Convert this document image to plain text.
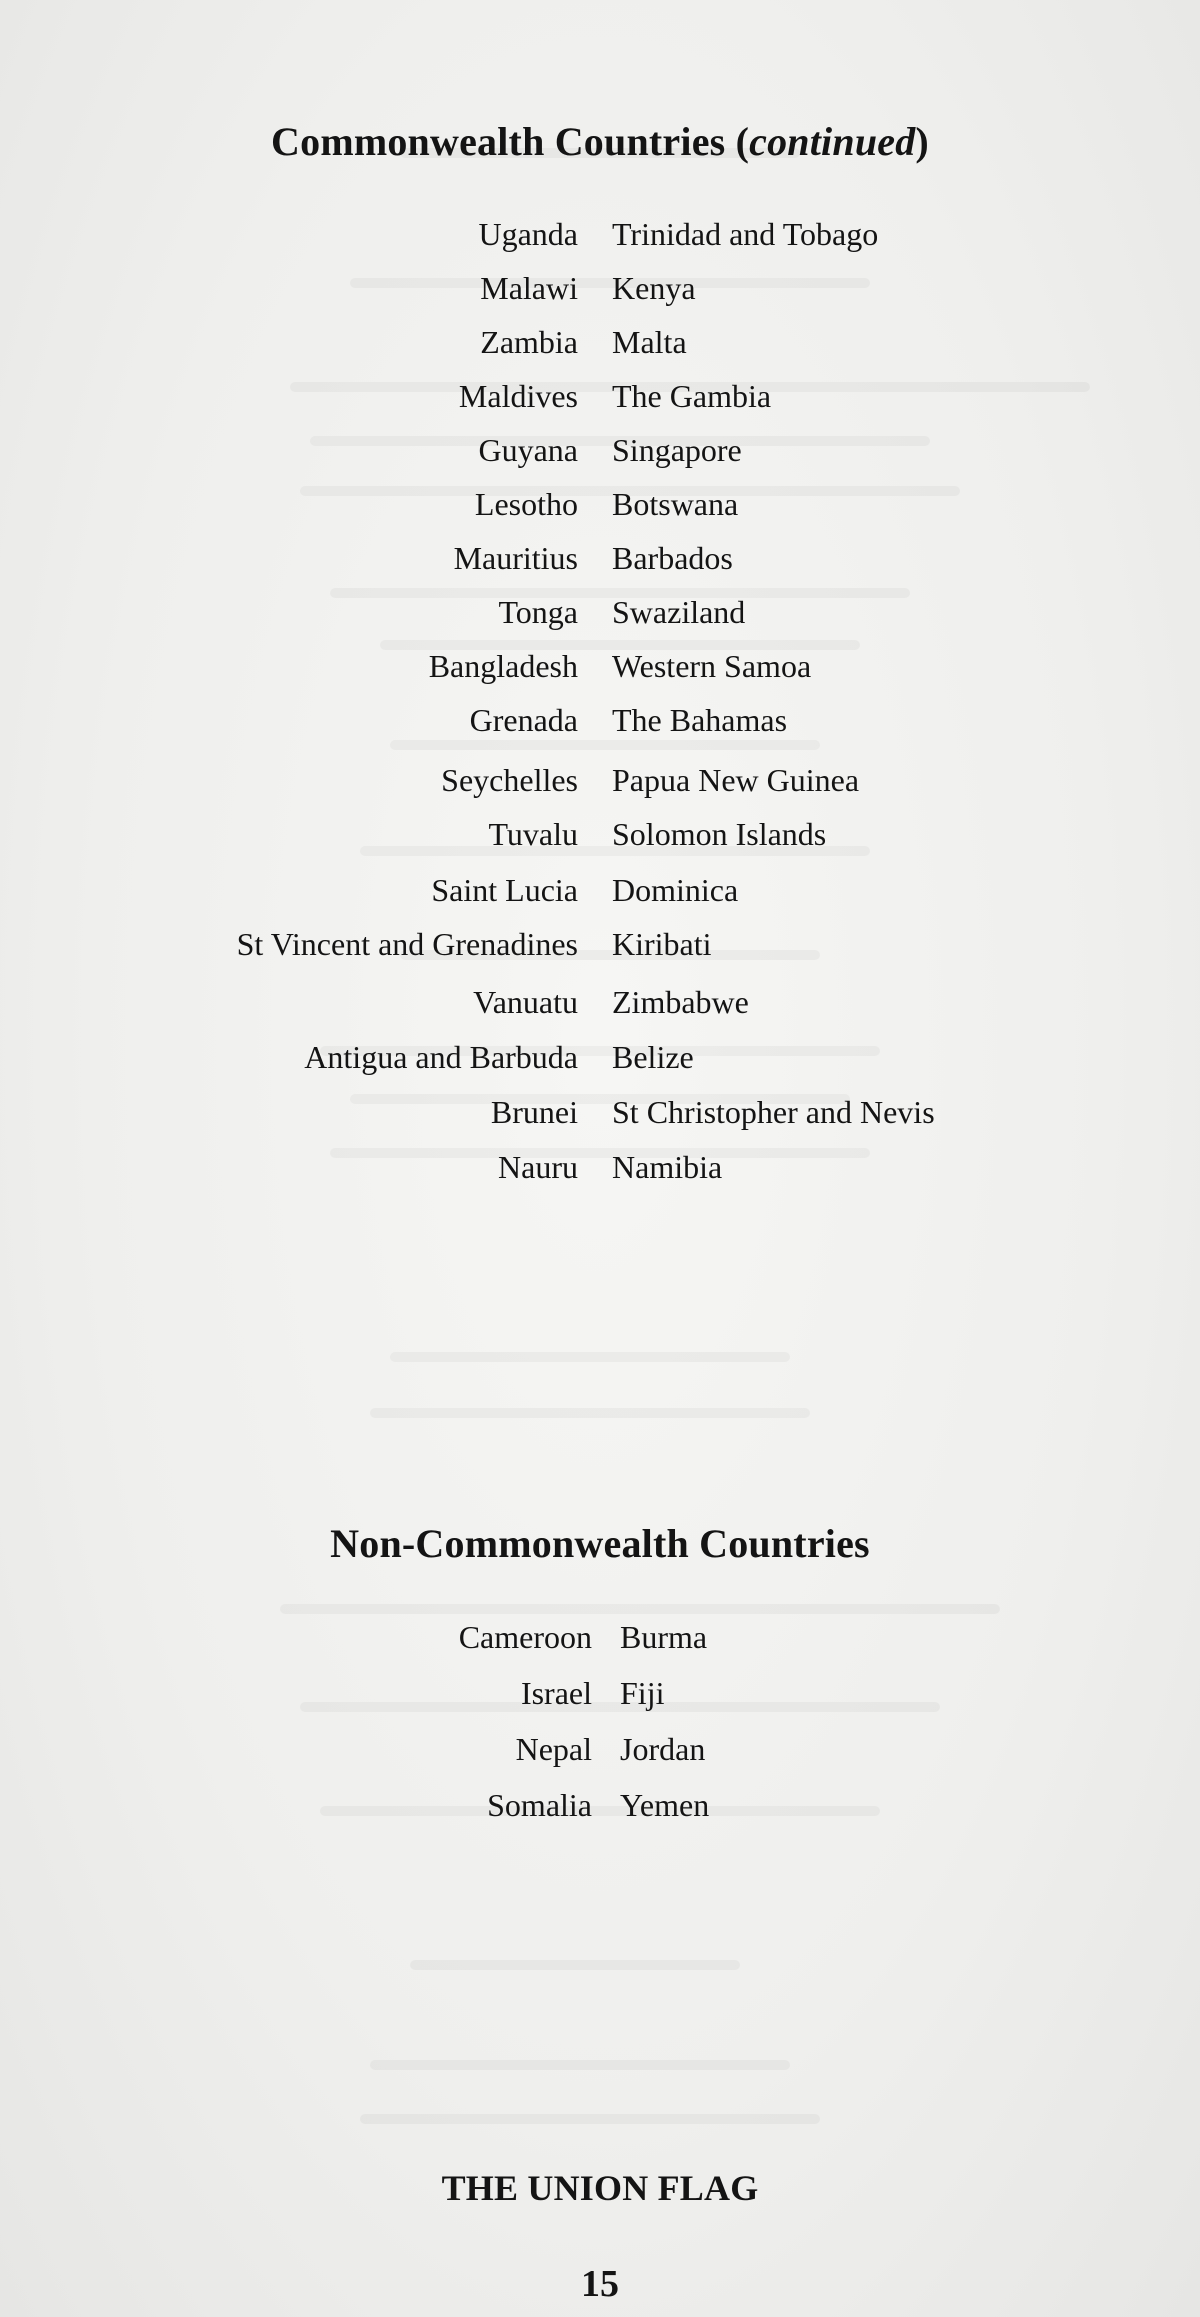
Commonwealth Countries (continued)
Uganda Trinidad and Tobago
Malawi Kenya
Zambia Malta
Maldives The Gambia
Guyana Singapore
Lesotho Botswana
Mauritius Barbados
Tonga Swaziland
Bangladesh Western Samoa
Grenada The Bahamas
Seychelles Papua New Guinea
Tuvalu Solomon Islands
Saint Lucia Dominica
St Vincent and Grenadines Kiribati
Vanuatu Zimbabwe
Antigua and Barbuda Belize
Brunei St Christopher and Nevis
Nauru Namibia
Non-Commonwealth Countries
Cameroon Burma
Israel Fiji
Nepal Jordan
Somalia Yemen
THE UNION FLAG
15
